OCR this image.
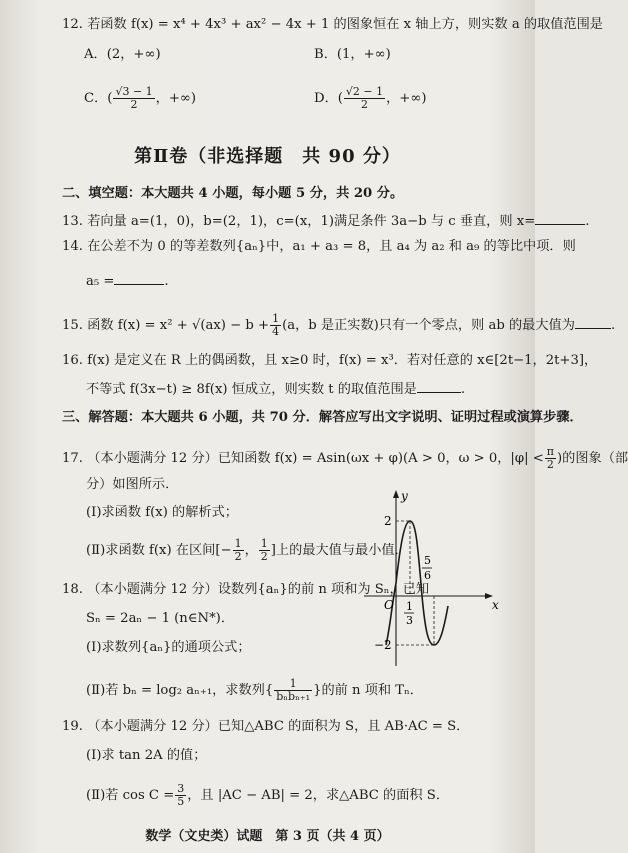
12. 若函数 f(x) = x⁴ + 4x³ + ax² − 4x + 1 的图象恒在 x 轴上方，则实数 a 的取值范围是
A．(2，+∞)	B．(1，+∞)
C．( $\frac{√3 - 1}{2}$ ，+∞)	D．( $\frac{√2 - 1}{2}$ ，+∞)
第Ⅱ卷（非选择题　共 90 分）
二、填空题：本大题共 4 小题，每小题 5 分，共 20 分。
13. 若向量 a=(1，0)，b=(2，1)，c=(x，1)满足条件 3a−b 与 c 垂直，则 x=	.
14. 在公差不为 0 的等差数列{aₙ}中，a₁ + a₃ = 8，且 a₄ 为 a₂ 和 a₉ 的等比中项．则
a₅ =	.
15. 函数 $f(x) = x^2 + √(ax) - b + \frac{1}{4} (a$，b 是正实数)只有一个零点，则 ab 的最大值为	.
16. f(x) 是定义在 R 上的偶函数，且 x≥0 时，f(x) = x³．若对任意的 x∈[2t−1，2t+3]，
不等式 f(3x−t) ≥ 8f(x) 恒成立，则实数 t 的取值范围是	.
三、解答题：本大题共 6 小题，共 70 分．解答应写出文字说明、证明过程或演算步骤．
17. （本小题满分 12 分）已知函数 f(x) = Asin(ωx + φ)(A > 0，ω > 0，$|\varphi| < \frac{\pi}{2}$ )的图象（部
分）如图所示．
(Ⅰ)求函数 f(x) 的解析式；
(Ⅱ)求函数 f(x) 在区间[− $\frac{1}{2}$ ， $\frac{1}{2}$ ]上的最大值与最小值．
18. （本小题满分 12 分）设数列{aₙ}的前 n 项和为 Sₙ，已知
Sₙ = 2aₙ − 1 (n∈N*)．
(Ⅰ)求数列{aₙ}的通项公式；
(Ⅱ)若 bₙ = log₂ aₙ₊₁，求数列{ $\frac{1}{\text{bₙbₙ₊₁}}$ }的前 n 项和 Tₙ．
19. （本小题满分 12 分）已知△ABC 的面积为 S，且 AB·AC = S．
(Ⅰ)求 tan 2A 的值；
(Ⅱ)若 $\cos C = \frac{3}{5}$ ，且 |AC − AB| = 2，求△ABC 的面积 S．
y
x
O
2
−2
1
3
5
6
数学（文史类）试题　第 3 页（共 4 页）
